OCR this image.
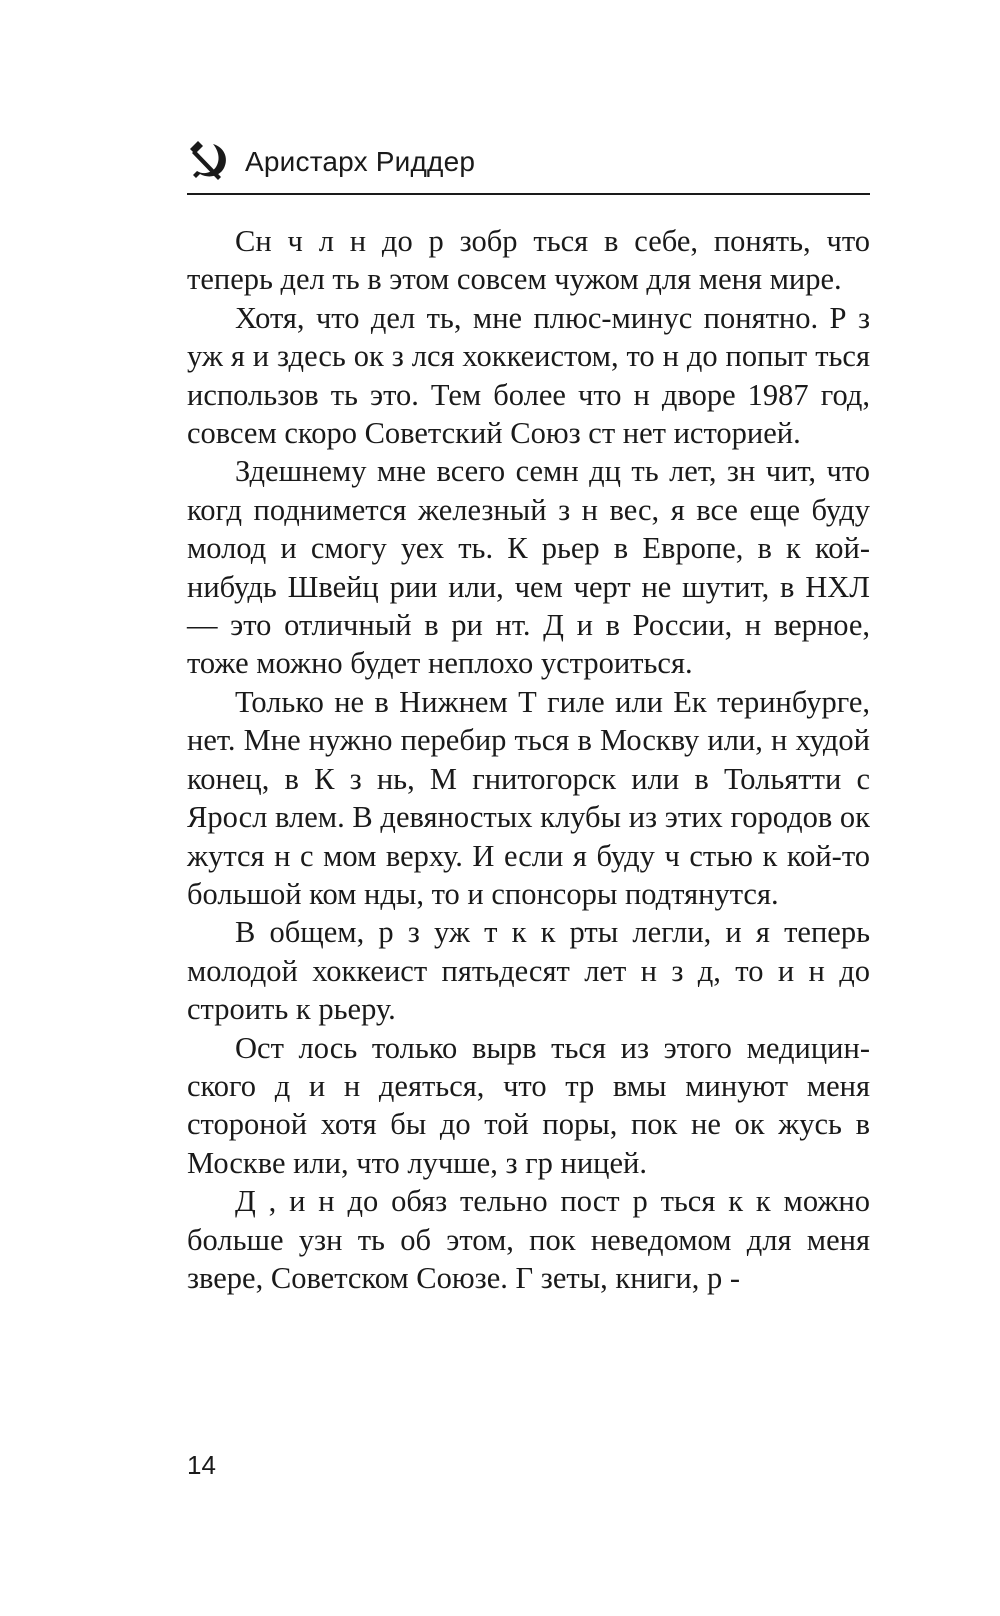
Аристарх Риддер

Сн ч л н до р зобр ться в себе, понять, что теперь дел ть в этом совсем чужом для меня мире.

Хотя, что дел ть, мне плюс-минус понятно. Р з уж я и здесь ок з лся хоккеистом, то н до попыт ться использов ть это. Тем более что н дворе 1987 год, совсем скоро Советский Союз ст нет историей.

Здешнему мне всего семн дц ть лет, зн чит, что когд поднимется железный з н вес, я все еще буду молод и смогу уех ть. К рьер в Европе, в к кой-нибудь Швейц рии или, чем черт не шутит, в НХЛ — это отличный в ри нт. Д и в России, н верное, тоже можно будет неплохо устроиться.

Только не в Нижнем Т гиле или Ек теринбурге, нет. Мне нужно перебир ться в Москву или, н худой конец, в К з нь, М гнитогорск или в Тольятти с Яросл влем. В девяностых клубы из этих городов ок жутся н с мом верху. И если я буду ч стью к кой-то большой ком нды, то и спонсоры подтянутся.

В общем, р з уж т к к рты легли, и я теперь молодой хоккеист пятьдесят лет н з д, то и н до строить к рьеру.

Ост лось только вырв ться из этого медицинского д и н деяться, что тр вмы минуют меня стороной хотя бы до той поры, пок не ок жусь в Москве или, что лучше, з гр ницей.

Д , и н до обяз тельно пост р ться к к можно больше узн ть об этом, пок неведомом для меня звере, Советском Союзе. Г зеты, книги, р -

14
